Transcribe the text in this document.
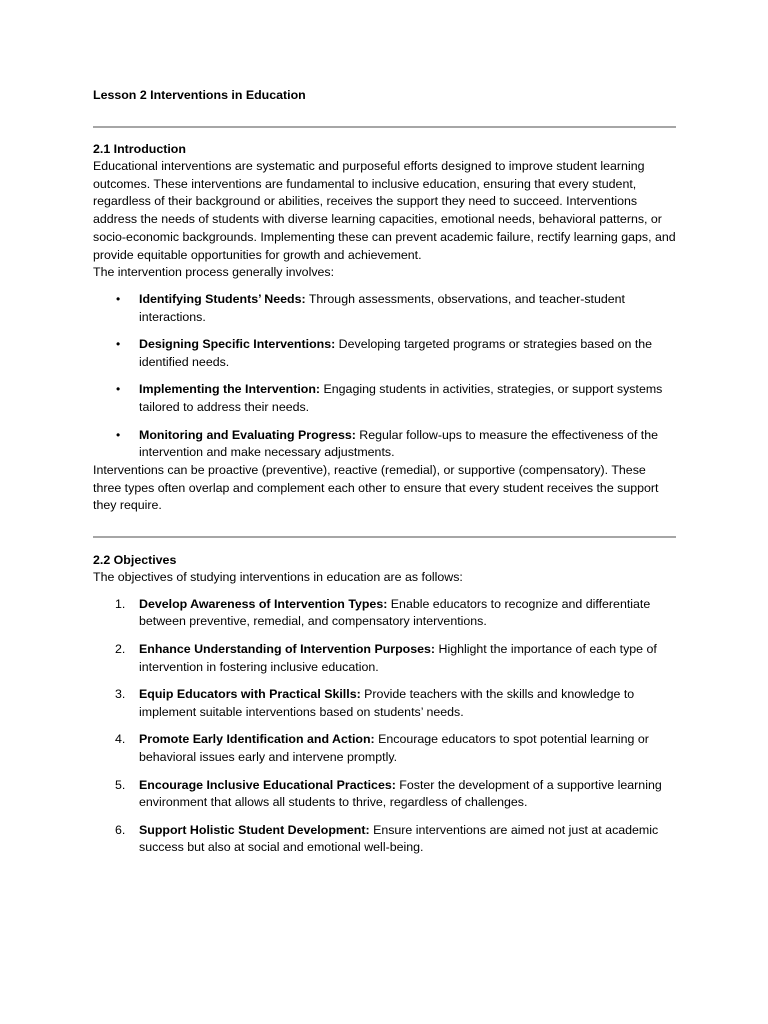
Lesson 2 Interventions in Education
2.1 Introduction

Educational interventions are systematic and purposeful efforts designed to improve student learning outcomes. These interventions are fundamental to inclusive education, ensuring that every student, regardless of their background or abilities, receives the support they need to succeed. Interventions address the needs of students with diverse learning capacities, emotional needs, behavioral patterns, or socio-economic backgrounds. Implementing these can prevent academic failure, rectify learning gaps, and provide equitable opportunities for growth and achievement.

The intervention process generally involves:

• Identifying Students’ Needs: Through assessments, observations, and teacher-student interactions.
• Designing Specific Interventions: Developing targeted programs or strategies based on the identified needs.
• Implementing the Intervention: Engaging students in activities, strategies, or support systems tailored to address their needs.
• Monitoring and Evaluating Progress: Regular follow-ups to measure the effectiveness of the intervention and make necessary adjustments.

Interventions can be proactive (preventive), reactive (remedial), or supportive (compensatory). These three types often overlap and complement each other to ensure that every student receives the support they require.

2.2 Objectives

The objectives of studying interventions in education are as follows:

1. Develop Awareness of Intervention Types: Enable educators to recognize and differentiate between preventive, remedial, and compensatory interventions.
2. Enhance Understanding of Intervention Purposes: Highlight the importance of each type of intervention in fostering inclusive education.
3. Equip Educators with Practical Skills: Provide teachers with the skills and knowledge to implement suitable interventions based on students’ needs.
4. Promote Early Identification and Action: Encourage educators to spot potential learning or behavioral issues early and intervene promptly.
5. Encourage Inclusive Educational Practices: Foster the development of a supportive learning environment that allows all students to thrive, regardless of challenges.
6. Support Holistic Student Development: Ensure interventions are aimed not just at academic success but also at social and emotional well-being.
